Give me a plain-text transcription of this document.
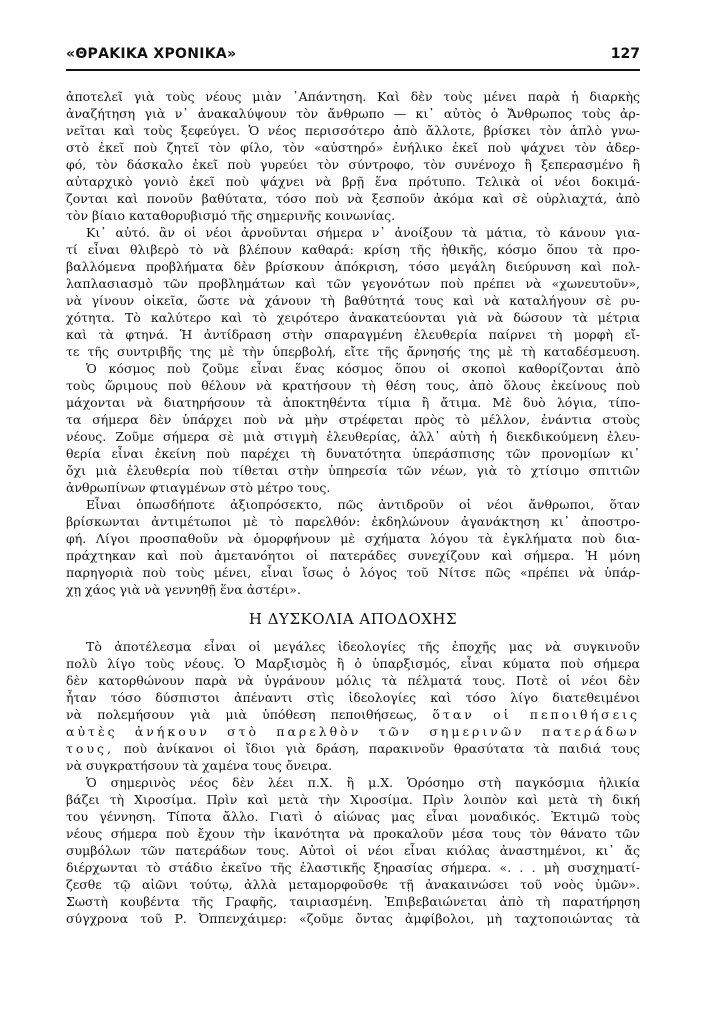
«ΘΡΑΚΙΚΑ ΧΡΟΝΙΚΑ»	127
ἀποτελεῖ γιὰ τοὺς νέους μιὰν ᾿Απάντηση. Καὶ δὲν τοὺς μένει παρὰ ἡ διαρκὴς
ἀναζήτηση γιὰ ν᾿ ἀνακαλύψουν τὸν ἄνθρωπο — κι᾿ αὐτὸς ὁ Ἄνθρωπος τοὺς ἀρ-
νεῖται καὶ τοὺς ξεφεύγει. Ὁ νέος περισσότερο ἀπὸ ἄλλοτε, βρίσκει τὸν ἁπλὸ γνω-
στὸ ἐκεῖ ποὺ ζητεῖ τὸν φίλο, τὸν «αὐστηρό» ἐνήλικο ἐκεῖ ποὺ ψάχνει τὸν ἀδερ-
φό, τὸν δάσκαλο ἐκεῖ ποὺ γυρεύει τὸν σύντροφο, τὸν συνένοχο ἢ ξεπερασμένο ἢ
αὐταρχικὸ γονιὸ ἐκεῖ ποὺ ψάχνει νὰ βρῇ ἕνα πρότυπο. Τελικὰ οἱ νέοι δοκιμά-
ζονται καὶ πονοῦν βαθύτατα, τόσο ποὺ νὰ ξεσποῦν ἀκόμα καὶ σὲ οὐρλιαχτά, ἀπὸ
τὸν βίαιο καταθορυβισμό τῆς σημερινῆς κοινωνίας.
Κι᾿ αὐτό. ἂν οἱ νέοι ἀρνοῦνται σήμερα ν᾿ ἀνοίξουν τὰ μάτια, τὸ κάνουν για-
τί εἶναι θλιβερὸ τὸ νὰ βλέπουν καθαρά: κρίση τῆς ἠθικῆς, κόσμο ὅπου τὰ προ-
βαλλόμενα προβλήματα δὲν βρίσκουν ἀπόκριση, τόσο μεγάλη διεύρυνση καὶ πολ-
λαπλασιασμὸ τῶν προβλημάτων καὶ τῶν γεγονότων ποὺ πρέπει νὰ «χωνευτοῦν»,
νὰ γίνουν οἰκεῖα, ὥστε νὰ χάνουν τὴ βαθύτητά τους καὶ νὰ καταλήγουν σὲ ρυ-
χότητα. Τὸ καλύτερο καὶ τὸ χειρότερο ἀνακατεύονται γιὰ νὰ δώσουν τὰ μέτρια
καὶ τὰ φτηνά. Ἡ ἀντίδραση στὴν σπαραγμένη ἐλευθερία παίρνει τὴ μορφὴ εἴ-
τε τῆς συντριβῆς της μὲ τὴν ὑπερβολή, εἴτε τῆς ἄρνησής της μὲ τὴ καταδέσμευση.
Ὁ κόσμος ποὺ ζοῦμε εἶναι ἕνας κόσμος ὅπου οἱ σκοποὶ καθορίζονται ἀπὸ
τοὺς ὥριμους ποὺ θέλουν νὰ κρατήσουν τὴ θέση τους, ἀπὸ ὅλους ἐκείνους ποὺ
μάχονται νὰ διατηρήσουν τὰ ἀποκτηθέντα τίμια ἢ ἄτιμα. Μὲ δυὸ λόγια, τίπο-
τα σήμερα δὲν ὑπάρχει ποὺ νὰ μὴν στρέφεται πρὸς τὸ μέλλον, ἐνάντια στοὺς
νέους. Ζοῦμε σήμερα σὲ μιὰ στιγμὴ ἐλευθερίας, ἀλλ᾿ αὐτὴ ἡ διεκδικούμενη ἐλευ-
θερία εἶναι ἐκείνη ποὺ παρέχει τὴ δυνατότητα ὑπεράσπισης τῶν προνομίων κι᾿
ὄχι μιὰ ἐλευθερία ποὺ τίθεται στὴν ὑπηρεσία τῶν νέων, γιὰ τὸ χτίσιμο σπιτιῶν
ἀνθρωπίνων φτιαγμένων στὸ μέτρο τους.
Εἶναι ὁπωσδήποτε ἀξιοπρόσεκτο, πῶς ἀντιδροῦν οἱ νέοι ἄνθρωποι, ὅταν
βρίσκωνται ἀντιμέτωποι μὲ τὸ παρελθόν: ἐκδηλώνουν ἀγανάκτηση κι᾿ ἀποστρο-
φή. Λίγοι προσπαθοῦν νὰ ὁμορφήνουν μὲ σχήματα λόγου τὰ ἐγκλήματα ποὺ δια-
πράχτηκαν καὶ ποὺ ἀμετανόητοι οἱ πατεράδες συνεχίζουν καὶ σήμερα. Ἡ μόνη
παρηγοριὰ ποὺ τοὺς μένει, εἶναι ἴσως ὁ λόγος τοῦ Νίτσε πῶς «πρέπει νὰ ὑπάρ-
χῃ χάος γιὰ νὰ γεννηθῇ ἕνα ἀστέρι».
Η ΔΥΣΚΟΛΙΑ ΑΠΟΔΟΧΗΣ
Τὸ ἀποτέλεσμα εἶναι οἱ μεγάλες ἰδεολογίες τῆς ἐποχῆς μας νὰ συγκινοῦν
πολὺ λίγο τοὺς νέους. Ὁ Μαρξισμὸς ἢ ὁ ὑπαρξισμός, εἶναι κύματα ποὺ σήμερα
δὲν κατορθώνουν παρὰ νὰ ὑγράνουν μόλις τὰ πέλματά τους. Ποτὲ οἱ νέοι δὲν
ἦταν τόσο δύσπιστοι ἀπέναντι στὶς ἰδεολογίες καὶ τόσο λίγο διατεθειμένοι
νὰ πολεμήσουν γιὰ μιὰ ὑπόθεση πεποιθήσεως, ὅταν οἱ πεποιθήσεις
αὐτὲς ἀνήκουν στὸ παρελθὸν τῶν σημερινῶν πατεράδων
τους, ποὺ ἀνίκανοι οἱ ἴδιοι γιὰ δράση, παρακινοῦν θρασύτατα τὰ παιδιά τους
νὰ συγκρατήσουν τὰ χαμένα τους ὄνειρα.
Ὁ σημερινὸς νέος δὲν λέει π.Χ. ἢ μ.Χ. Ὁρόσημο στὴ παγκόσμια ἡλικία
βάζει τὴ Χιροσίμα. Πρὶν καὶ μετὰ τὴν Χιροσίμα. Πρὶν λοιπὸν καὶ μετὰ τὴ δική
του γέννηση. Τίποτα ἄλλο. Γιατὶ ὁ αἰώνας μας εἶναι μοναδικός. Ἐκτιμῶ τοὺς
νέους σήμερα ποὺ ἔχουν τὴν ἱκανότητα νὰ προκαλοῦν μέσα τους τὸν θάνατο τῶν
συμβόλων τῶν πατεράδων τους. Αὐτοὶ οἱ νέοι εἶναι κιόλας ἀναστημένοι, κι᾿ ἄς
διέρχωνται τὸ στάδιο ἐκεῖνο τῆς ἐλαστικῆς ξηρασίας σήμερα. «. . . μὴ συσχηματί-
ζεσθε τῷ αἰῶνι τούτῳ, ἀλλὰ μεταμορφοῦσθε τῇ ἀνακαινώσει τοῦ νοὸς ὑμῶν».
Σωστὴ κουβέντα τῆς Γραφῆς, ταιριασμένη. Ἐπιβεβαιώνεται ἀπὸ τὴ παρατήρηση
σύγχρονα τοῦ Ρ. Ὀππενχάιμερ: «ζοῦμε ὄντας ἀμφίβολοι, μὴ ταχτοποιώντας τὰ
